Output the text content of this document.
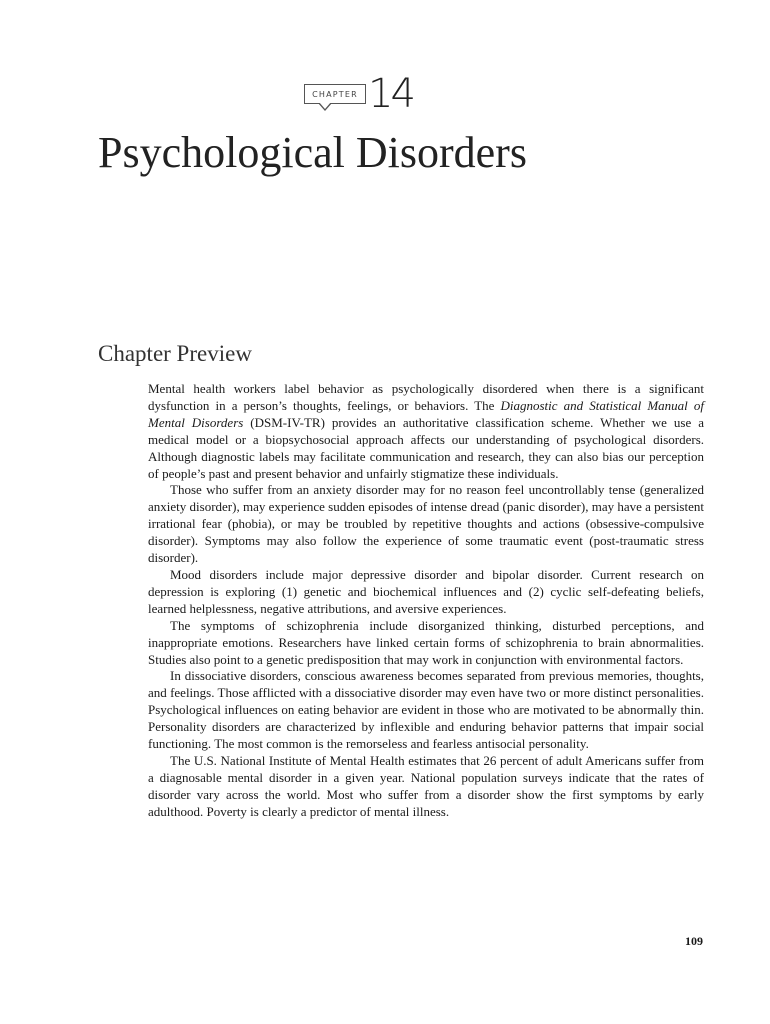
CHAPTER 14
Psychological Disorders
Chapter Preview

Mental health workers label behavior as psychologically disordered when there is a significant dysfunction in a person’s thoughts, feelings, or behaviors. The Diagnostic and Statistical Manual of Mental Disorders (DSM-IV-TR) provides an authoritative classification scheme. Whether we use a medical model or a biopsychosocial approach affects our understanding of psychological disorders. Although diagnostic labels may facilitate communication and research, they can also bias our perception of people’s past and present behavior and unfairly stigmatize these individuals.

Those who suffer from an anxiety disorder may for no reason feel uncontrollably tense (generalized anxiety disorder), may experience sudden episodes of intense dread (panic disorder), may have a persistent irrational fear (phobia), or may be troubled by repetitive thoughts and actions (obsessive-compulsive disorder). Symptoms may also follow the experience of some traumatic event (post-traumatic stress disorder).

Mood disorders include major depressive disorder and bipolar disorder. Current research on depression is exploring (1) genetic and biochemical influences and (2) cyclic self-defeating beliefs, learned helplessness, negative attributions, and aversive experiences.

The symptoms of schizophrenia include disorganized thinking, disturbed perceptions, and inappropriate emotions. Researchers have linked certain forms of schizophrenia to brain abnormalities. Studies also point to a genetic predisposition that may work in conjunction with environmental factors.

In dissociative disorders, conscious awareness becomes separated from previous memories, thoughts, and feelings. Those afflicted with a dissociative disorder may even have two or more distinct personalities. Psychological influences on eating behavior are evident in those who are motivated to be abnormally thin. Personality disorders are characterized by inflexible and enduring behavior patterns that impair social functioning. The most common is the remorseless and fearless antisocial personality.

The U.S. National Institute of Mental Health estimates that 26 percent of adult Americans suffer from a diagnosable mental disorder in a given year. National population surveys indicate that the rates of disorder vary across the world. Most who suffer from a disorder show the first symptoms by early adulthood. Poverty is clearly a predictor of mental illness.

109
